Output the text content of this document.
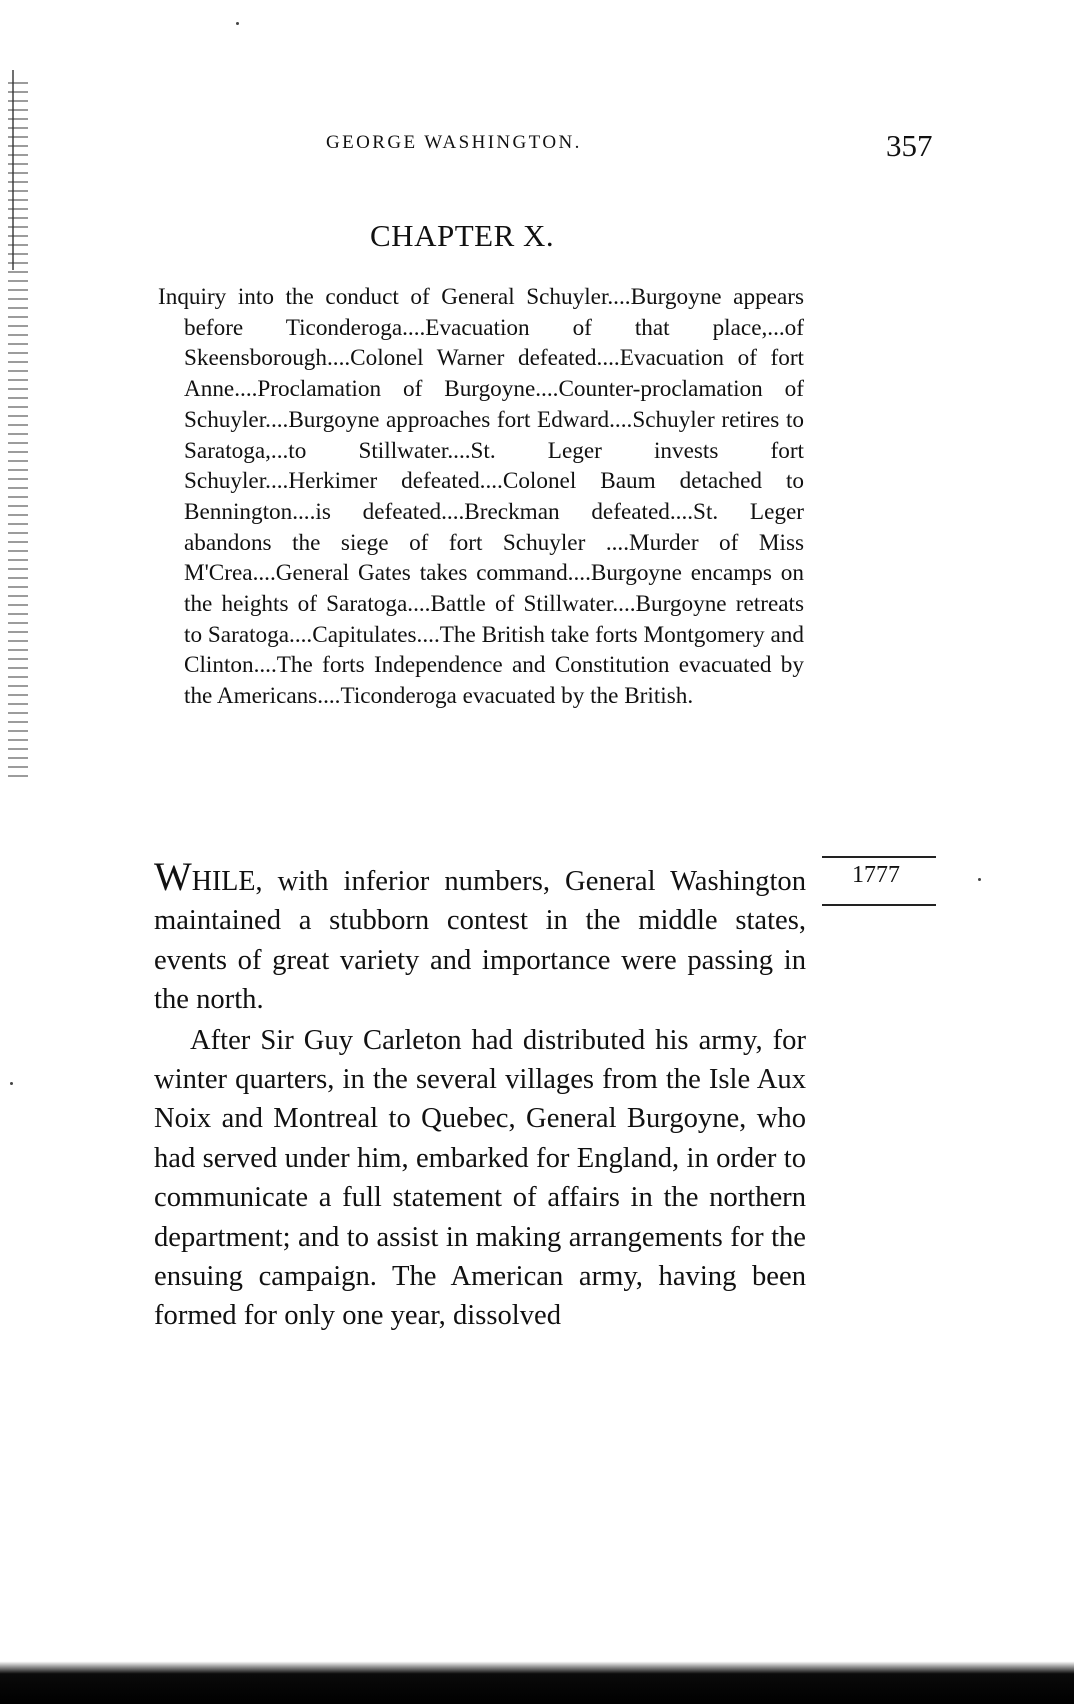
GEORGE WASHINGTON.	357
CHAPTER X.
Inquiry into the conduct of General Schuyler....Burgoyne appears before Ticonderoga....Evacuation of that place,...of Skeensborough....Colonel Warner defeated....Evacuation of fort Anne....Proclamation of Burgoyne....Counter-proclamation of Schuyler....Burgoyne approaches fort Edward....Schuyler retires to Saratoga,...to Stillwater....St. Leger invests fort Schuyler....Herkimer defeated....Colonel Baum detached to Bennington....is defeated....Breckman defeated....St. Leger abandons the siege of fort Schuyler ....Murder of Miss M'Crea....General Gates takes command....Burgoyne encamps on the heights of Saratoga....Battle of Stillwater....Burgoyne retreats to Saratoga....Capitulates....The British take forts Montgomery and Clinton....The forts Independence and Constitution evacuated by the Americans....Ticonderoga evacuated by the British.
1777

WHILE, with inferior numbers, General Washington maintained a stubborn contest in the middle states, events of great variety and importance were passing in the north.

After Sir Guy Carleton had distributed his army, for winter quarters, in the several villages from the Isle Aux Noix and Montreal to Quebec, General Burgoyne, who had served under him, embarked for England, in order to communicate a full statement of affairs in the northern department; and to assist in making arrangements for the ensuing campaign. The American army, having been formed for only one year, dissolved
